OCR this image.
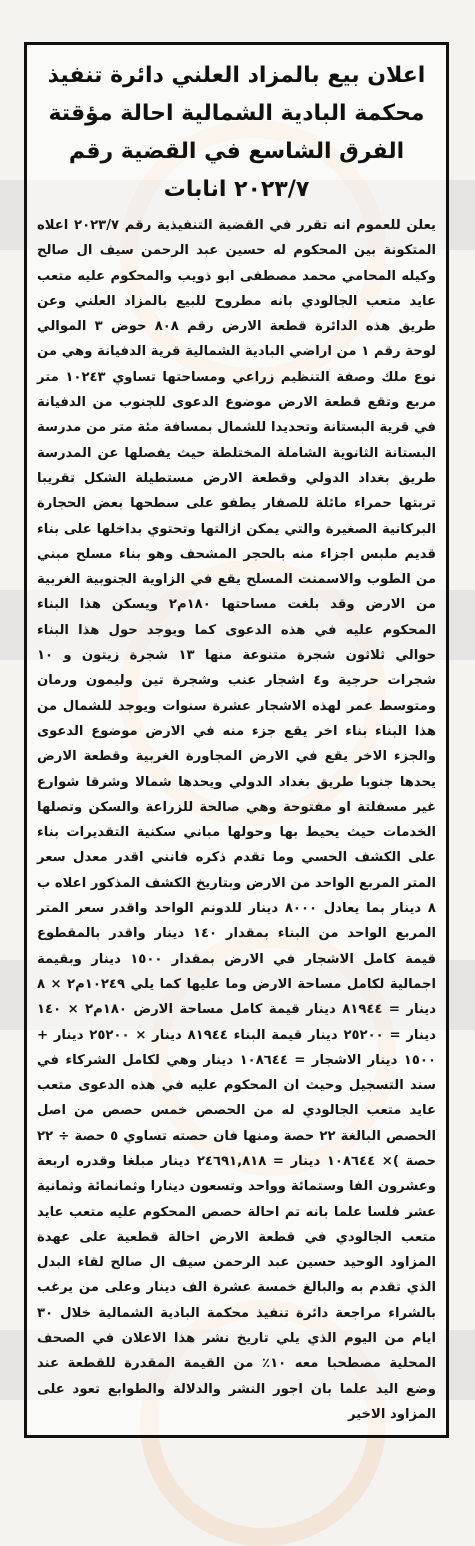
اعلان بيع بالمزاد العلني دائرة تنفيذ محكمة البادية الشمالية احالة مؤقتة الفرق الشاسع في القضية رقم ٢٠٢٣/٧ انابات

يعلن للعموم انه تقرر في القضية التنفيذية رقم ٢٠٢٣/٧ اعلاه المتكونة بين المحكوم له حسين عبد الرحمن سيف ال صالح وكيله المحامي محمد مصطفى ابو ذويب والمحكوم عليه متعب عايد متعب الجالودي بانه مطروح للبيع بالمزاد العلني وعن طريق هذه الدائرة قطعة الارض رقم ٨٠٨ حوض ٣ الموالي لوحة رقم ١ من اراضي البادية الشمالية قرية الدفيانة وهي من نوع ملك وصفة التنظيم زراعي ومساحتها تساوي ١٠٢٤٣ متر مربع وتقع قطعة الارض موضوع الدعوى للجنوب من الدفيانة في قرية البستانة وتحديدا للشمال بمسافة مئة متر من مدرسة البستانة الثانوية الشاملة المختلطة حيث يفصلها عن المدرسة طريق بغداد الدولي وقطعة الارض مستطيلة الشكل تقريبا تربتها حمراء مائلة للصفار يطفو على سطحها بعض الحجارة البركانية الصغيرة والتي يمكن ازالتها وتحتوي بداخلها على بناء قديم ملبس اجزاء منه بالحجر المشحف وهو بناء مسلح مبني من الطوب والاسمنت المسلح يقع في الزاوية الجنوبية الغربية من الارض وقد بلغت مساحتها ١٨٠م٢ ويسكن هذا البناء المحكوم عليه في هذه الدعوى كما ويوجد حول هذا البناء حوالي ثلاثون شجرة متنوعة منها ١٣ شجرة زيتون و ١٠ شجرات حرجية و٤ اشجار عنب وشجرة تين وليمون ورمان ومتوسط عمر لهذه الاشجار عشرة سنوات ويوجد للشمال من هذا البناء بناء اخر يقع جزء منه في الارض موضوع الدعوى والجزء الاخر يقع في الارض المجاورة الغربية وقطعة الارض يحدها جنوبا طريق بغداد الدولي ويحدها شمالا وشرقا شوارع غير مسفلتة او مفتوحة وهي صالحة للزراعة والسكن وتصلها الخدمات حيث يحيط بها وحولها مباني سكنية التقديرات بناء على الكشف الحسي وما تقدم ذكره فانني اقدر معدل سعر المتر المربع الواحد من الارض وبتاريخ الكشف المذكور اعلاه ب ٨ دينار بما يعادل ٨٠٠٠ دينار للدونم الواحد واقدر سعر المتر المربع الواحد من البناء بمقدار ١٤٠ دينار واقدر بالمقطوع قيمة كامل الاشجار في الارض بمقدار ١٥٠٠ دينار وبقيمة اجمالية لكامل مساحة الارض وما عليها كما يلي ١٠٢٤٩م٢ × ٨ دينار = ٨١٩٤٤ دينار قيمة كامل مساحة الارض ١٨٠م٢ × ١٤٠ دينار = ٢٥٢٠٠ دينار قيمة البناء ٨١٩٤٤ دينار × ٢٥٢٠٠ دينار + ١٥٠٠ دينار الاشجار = ١٠٨٦٤٤ دينار وهي لكامل الشركاء في سند التسجيل وحيث ان المحكوم عليه في هذه الدعوى متعب عايد متعب الجالودي له من الحصص خمس حصص من اصل الحصص البالغة ٢٢ حصة ومنها فان حصته تساوي ٥ حصة ÷ ٢٢ حصة )× ١٠٨٦٤٤ دينار = ٢٤٦٩١,٨١٨ دينار مبلغا وقدره اربعة وعشرون الفا وستمائة وواحد وتسعون دينارا وثمانمائة وثمانية عشر فلسا علما بانه تم احالة حصص المحكوم عليه متعب عايد متعب الجالودي في قطعة الارض احالة قطعية على عهدة المزاود الوحيد حسين عبد الرحمن سيف ال صالح لقاء البدل الذي تقدم به والبالغ خمسة عشرة الف دينار وعلى من يرغب بالشراء مراجعة دائرة تنفيذ محكمة البادية الشمالية خلال ٣٠ ايام من اليوم الذي يلي تاريخ نشر هذا الاعلان في الصحف المحلية مصطحبا معه ١٠٪ من القيمة المقدرة للقطعة عند وضع اليد علما بان اجور النشر والدلالة والطوابع تعود على المزاود الاخير
